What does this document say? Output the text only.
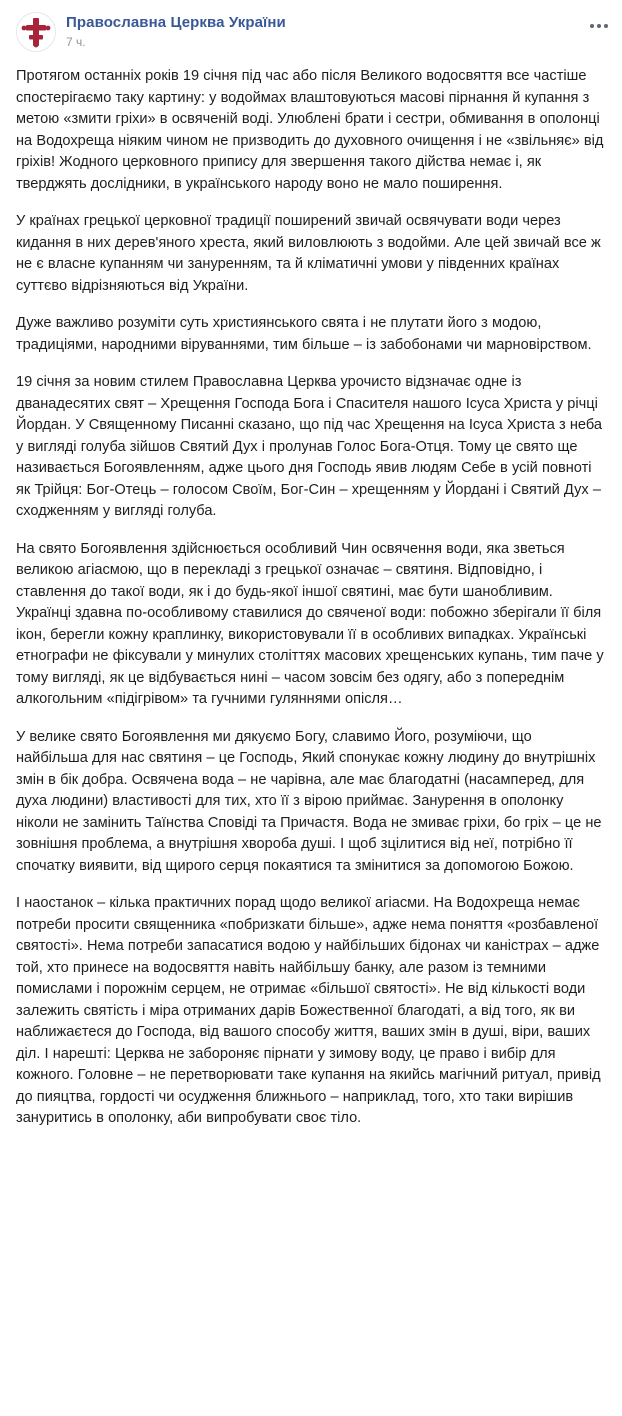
Православна Церква України
7 ч.

Протягом останніх років 19 січня під час або після Великого водосвяття все частіше спостерігаємо таку картину: у водоймах влаштовуються масові пірнання й купання з метою «змити гріхи» в освяченій воді. Улюблені брати і сестри, обмивання в ополонці на Водохреща ніяким чином не призводить до духовного очищення і не «звільняє» від гріхів! Жодного церковного припису для звершення такого дійства немає і, як тверджять дослідники, в українського народу воно не мало поширення.

У країнах грецької церковної традиції поширений звичай освячувати води через кидання в них дерев'яного хреста, який виловлюють з водойми. Але цей звичай все ж не є власне купанням чи зануренням, та й кліматичні умови у південних країнах суттєво відрізняються від України.

Дуже важливо розуміти суть християнського свята і не плутати його з модою, традиціями, народними віруваннями, тим більше – із забобонами чи марновірством.

19 січня за новим стилем Православна Церква урочисто відзначає одне із дванадесятих свят – Хрещення Господа Бога і Спасителя нашого Ісуса Христа у річці Йордан. У Священному Писанні сказано, що під час Хрещення на Ісуса Христа з неба у вигляді голуба зійшов Святий Дух і пролунав Голос Бога-Отця. Тому це свято ще називається Богоявленням, адже цього дня Господь явив людям Себе в усій повноті як Трійця: Бог-Отець – голосом Своїм, Бог-Син – хрещенням у Йордані і Святий Дух – сходженням у вигляді голуба.

На свято Богоявлення здійснюється особливий Чин освячення води, яка зветься великою агіасмою, що в перекладі з грецької означає – святиня. Відповідно, і ставлення до такої води, як і до будь-якої іншої святині, має бути шанобливим. Українці здавна по-особливому ставилися до свяченої води: побожно зберігали її біля ікон, берегли кожну краплинку, використовували її в особливих випадках. Українські етнографи не фіксували у минулих століттях масових хрещенських купань, тим паче у тому вигляді, як це відбувається нині – часом зовсім без одягу, або з попереднім алкогольним «підігрівом» та гучними гуляннями опісля…

У велике свято Богоявлення ми дякуємо Богу, славимо Його, розуміючи, що найбільша для нас святиня – це Господь, Який спонукає кожну людину до внутрішніх змін в бік добра. Освячена вода – не чарівна, але має благодатні (насамперед, для духа людини) властивості для тих, хто її з вірою приймає. Занурення в ополонку ніколи не замінить Таїнства Сповіді та Причастя. Вода не змиває гріхи, бо гріх – це не зовнішня проблема, а внутрішня хвороба душі. І щоб зцілитися від неї, потрібно її спочатку виявити, від щирого серця покаятися та змінитися за допомогою Божою.

І наостанок – кілька практичних порад щодо великої агіасми. На Водохреща немає потреби просити священника «побризкати більше», адже нема поняття «розбавленої святості». Нема потреби запасатися водою у найбільших бідонах чи каністрах – адже той, хто принесе на водосвяття навіть найбільшу банку, але разом із темними помислами і порожнім серцем, не отримає «більшої святості». Не від кількості води залежить святість і міра отриманих дарів Божественної благодаті, а від того, як ви наближаєтеся до Господа, від вашого способу життя, ваших змін в душі, віри, ваших діл. І нарешті: Церква не забороняє пірнати у зимову воду, це право і вибір для кожного. Головне – не перетворювати таке купання на якийсь магічний ритуал, привід до пияцтва, гордості чи осудження ближнього – наприклад, того, хто таки вирішив зануритись в ополонку, аби випробувати своє тіло.
